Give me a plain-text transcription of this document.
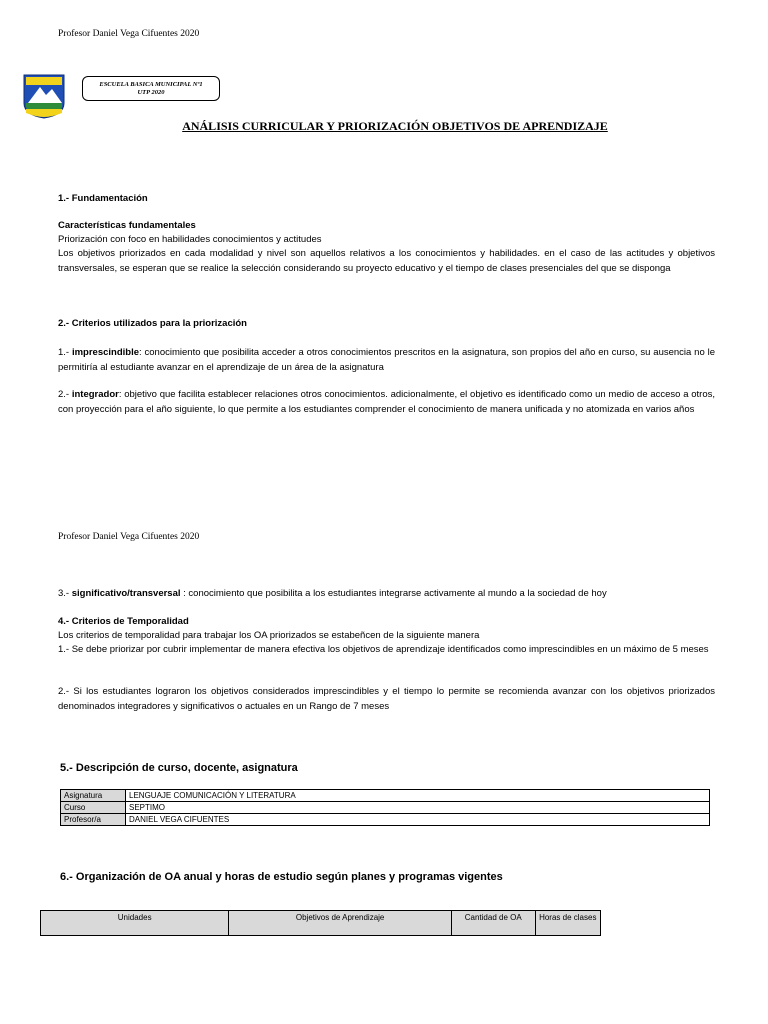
Profesor Daniel Vega Cifuentes 2020
ESCUELA BASICA MUNICIPAL Nº1
UTP 2020
ANÁLISIS CURRICULAR Y PRIORIZACIÓN OBJETIVOS DE APRENDIZAJE
1.- Fundamentación
Características fundamentales
Priorización con foco en habilidades conocimientos y actitudes
Los objetivos priorizados en cada modalidad y nivel son aquellos relativos a los conocimientos y habilidades. en el caso de las actitudes y objetivos transversales, se esperan que se realice la selección considerando su proyecto educativo y el tiempo de clases presenciales del que se disponga
2.- Criterios utilizados para la priorización
1.- imprescindible: conocimiento que posibilita acceder a otros conocimientos prescritos en la asignatura, son propios del año en curso, su ausencia no le permitiría al estudiante avanzar en el aprendizaje de un área de la asignatura
2.- integrador: objetivo que facilita establecer relaciones otros conocimientos. adicionalmente, el objetivo es identificado como un medio de acceso a otros, con proyección para el año siguiente, lo que permite a los estudiantes comprender el conocimiento de manera unificada y no atomizada en varios años
Profesor Daniel Vega Cifuentes 2020
3.- significativo/transversal : conocimiento que posibilita a los estudiantes integrarse activamente al mundo a la sociedad de hoy
4.- Criterios de Temporalidad
Los criterios de temporalidad para trabajar los OA priorizados se estabeñcen de la siguiente manera
1.- Se debe priorizar por cubrir implementar de manera efectiva los objetivos de aprendizaje identificados como imprescindibles en un máximo de 5 meses
2.- Si los estudiantes lograron los objetivos considerados imprescindibles y el tiempo lo permite se recomienda avanzar con los objetivos priorizados denominados integradores y significativos o actuales en un Rango de 7 meses
5.- Descripción de curso, docente, asignatura
Asignatura	LENGUAJE COMUNICACIÓN Y LITERATURA
Curso	SEPTIMO
Profesor/a	DANIEL VEGA CIFUENTES
6.- Organización de OA anual y horas de estudio según planes y programas vigentes
Unidades	Objetivos de Aprendizaje	Cantidad de OA	Horas de clases
